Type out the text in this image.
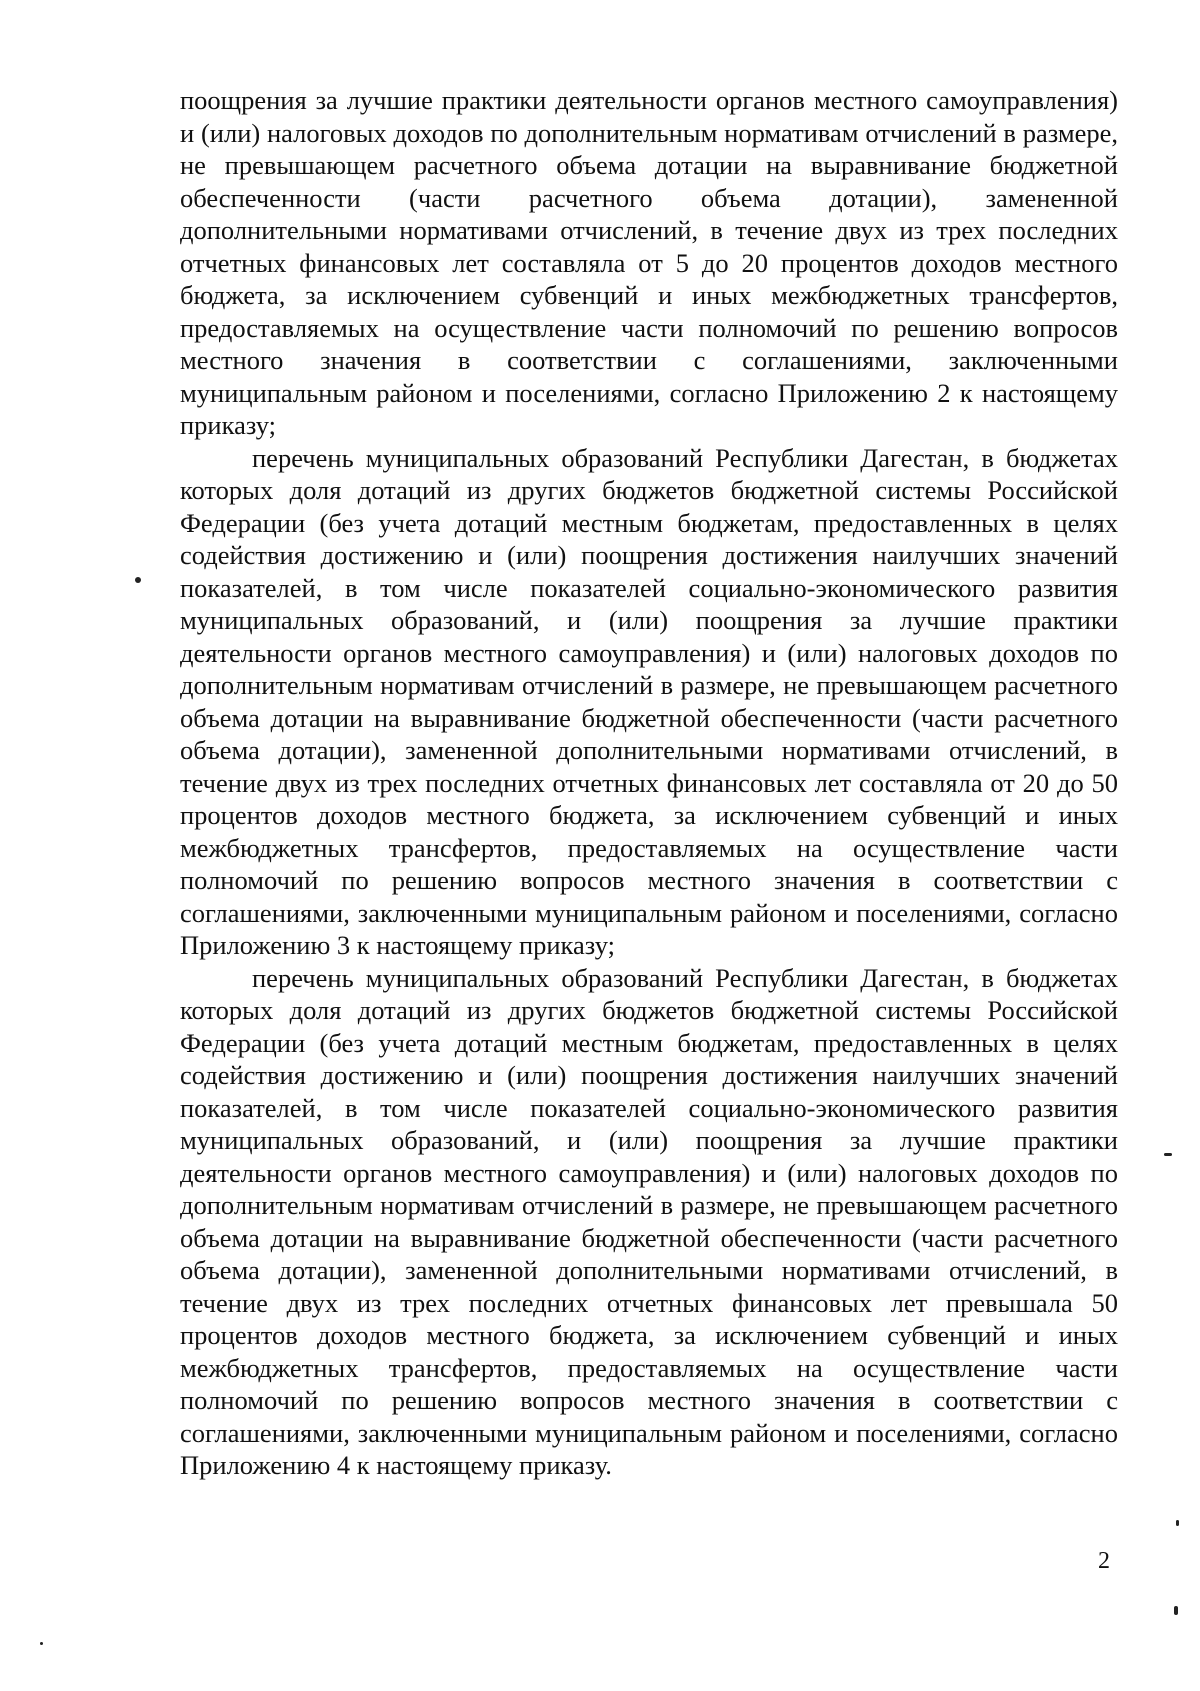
поощрения за лучшие практики деятельности органов местного самоуправления) и (или) налоговых доходов по дополнительным нормативам отчислений в размере, не превышающем расчетного объема дотации на выравнивание бюджетной обеспеченности (части расчетного объема дотации), замененной дополнительными нормативами отчислений, в течение двух из трех последних отчетных финансовых лет составляла от 5 до 20 процентов доходов местного бюджета, за исключением субвенций и иных межбюджетных трансфертов, предоставляемых на осуществление части полномочий по решению вопросов местного значения в соответствии с соглашениями, заключенными муниципальным районом и поселениями, согласно Приложению 2 к настоящему приказу;

перечень муниципальных образований Республики Дагестан, в бюджетах которых доля дотаций из других бюджетов бюджетной системы Российской Федерации (без учета дотаций местным бюджетам, предоставленных в целях содействия достижению и (или) поощрения достижения наилучших значений показателей, в том числе показателей социально-экономического развития муниципальных образований, и (или) поощрения за лучшие практики деятельности органов местного самоуправления) и (или) налоговых доходов по дополнительным нормативам отчислений в размере, не превышающем расчетного объема дотации на выравнивание бюджетной обеспеченности (части расчетного объема дотации), замененной дополнительными нормативами отчислений, в течение двух из трех последних отчетных финансовых лет составляла от 20 до 50 процентов доходов местного бюджета, за исключением субвенций и иных межбюджетных трансфертов, предоставляемых на осуществление части полномочий по решению вопросов местного значения в соответствии с соглашениями, заключенными муниципальным районом и поселениями, согласно Приложению 3 к настоящему приказу;

перечень муниципальных образований Республики Дагестан, в бюджетах которых доля дотаций из других бюджетов бюджетной системы Российской Федерации (без учета дотаций местным бюджетам, предоставленных в целях содействия достижению и (или) поощрения достижения наилучших значений показателей, в том числе показателей социально-экономического развития муниципальных образований, и (или) поощрения за лучшие практики деятельности органов местного самоуправления) и (или) налоговых доходов по дополнительным нормативам отчислений в размере, не превышающем расчетного объема дотации на выравнивание бюджетной обеспеченности (части расчетного объема дотации), замененной дополнительными нормативами отчислений, в течение двух из трех последних отчетных финансовых лет превышала 50 процентов доходов местного бюджета, за исключением субвенций и иных межбюджетных трансфертов, предоставляемых на осуществление части полномочий по решению вопросов местного значения в соответствии с соглашениями, заключенными муниципальным районом и поселениями, согласно Приложению 4 к настоящему приказу.

2
